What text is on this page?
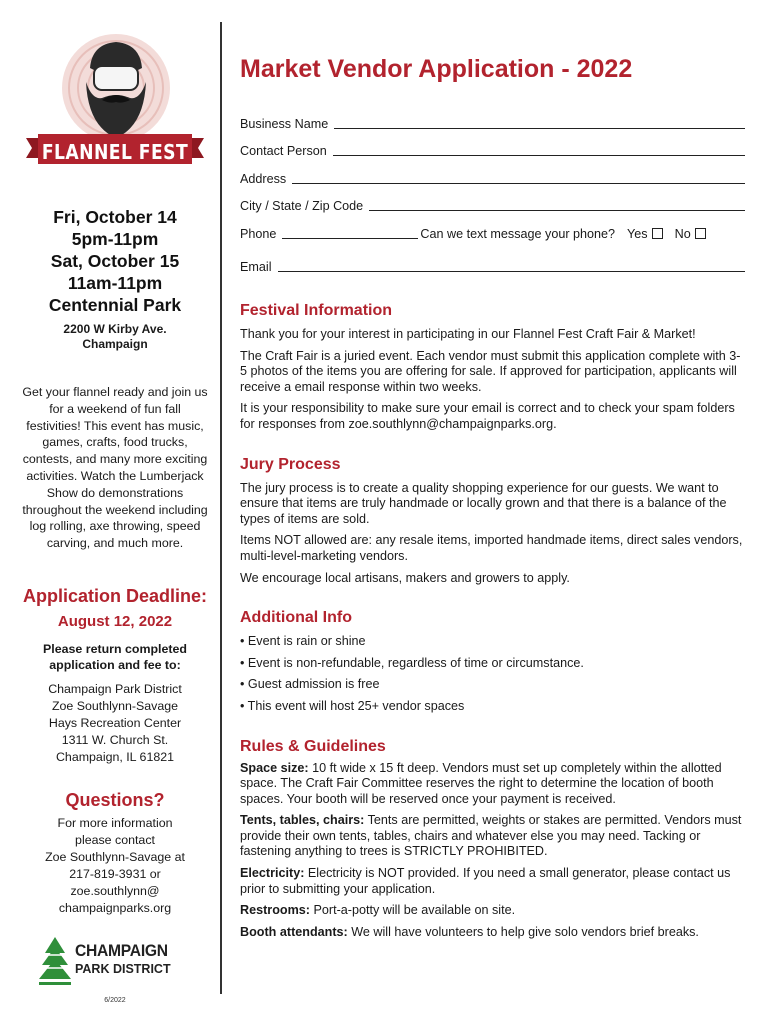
FLANNEL FEST
Fri, October 14
5pm-11pm
Sat, October 15
11am-11pm
Centennial Park
2200 W Kirby Ave.
Champaign
Get your flannel ready and join us for a weekend of fun fall festivities! This event has music, games, crafts, food trucks, contests, and many more exciting activities. Watch the Lumberjack Show do demonstrations throughout the weekend including log rolling, axe throwing, speed carving, and much more.
Application Deadline:
August 12, 2022
Please return completed application and fee to:
Champaign Park District
Zoe Southlynn-Savage
Hays Recreation Center
1311 W. Church St.
Champaign, IL 61821
Questions?
For more information
please contact
Zoe Southlynn-Savage at
217-819-3931 or
zoe.southlynn@
champaignparks.org
CHAMPAIGN
PARK DISTRICT
6/2022
Market Vendor Application - 2022
Business Name
Contact Person
Address
City / State / Zip Code
Phone	Can we text message your phone? Yes	No
Email
Festival Information
Thank you for your interest in participating in our Flannel Fest Craft Fair & Market!
The Craft Fair is a juried event. Each vendor must submit this application complete with 3-5 photos of the items you are offering for sale. If approved for participation, applicants will receive a email response within two weeks.
It is your responsibility to make sure your email is correct and to check your spam folders for responses from zoe.southlynn@champaignparks.org.
Jury Process
The jury process is to create a quality shopping experience for our guests. We want to ensure that items are truly handmade or locally grown and that there is a balance of the types of items are sold.
Items NOT allowed are: any resale items, imported handmade items, direct sales vendors, multi-level-marketing vendors.
We encourage local artisans, makers and growers to apply.
Additional Info
• Event is rain or shine
• Event is non-refundable, regardless of time or circumstance.
• Guest admission is free
• This event will host 25+ vendor spaces
Rules & Guidelines
Space size: 10 ft wide x 15 ft deep. Vendors must set up completely within the allotted space. The Craft Fair Committee reserves the right to determine the location of booth spaces. Your booth will be reserved once your payment is received.
Tents, tables, chairs: Tents are permitted, weights or stakes are permitted. Vendors must provide their own tents, tables, chairs and whatever else you may need. Tacking or fastening anything to trees is STRICTLY PROHIBITED.
Electricity: Electricity is NOT provided. If you need a small generator, please contact us prior to submitting your application.
Restrooms: Port-a-potty will be available on site.
Booth attendants: We will have volunteers to help give solo vendors brief breaks.
